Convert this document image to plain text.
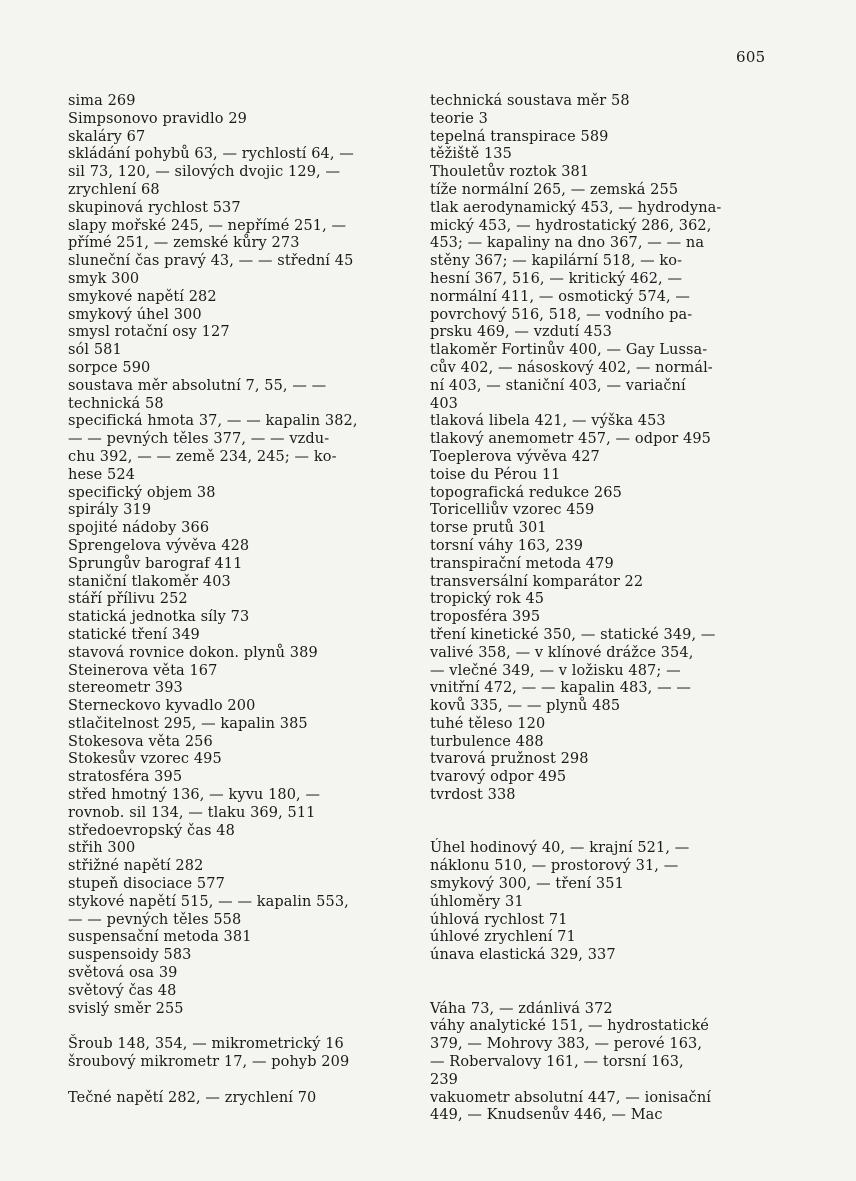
605
sima 269
Simpsonovo pravidlo 29
skaláry 67
skládání pohybů 63, — rychlostí 64, —
sil 73, 120, — silových dvojic 129, —
zrychlení 68
skupinová rychlost 537
slapy mořské 245, — nepřímé 251, —
přímé 251, — zemské kůry 273
sluneční čas pravý 43, — — střední 45
smyk 300
smykové napětí 282
smykový úhel 300
smysl rotační osy 127
sól 581
sorpce 590
soustava měr absolutní 7, 55, — —
technická 58
specifická hmota 37, — — kapalin 382,
— — pevných těles 377, — — vzdu-
chu 392, — — země 234, 245; — ko-
hese 524
specifický objem 38
spirály 319
spojité nádoby 366
Sprengelova vývěva 428
Sprungův barograf 411
staniční tlakoměr 403
stáří přílivu 252
statická jednotka síly 73
statické tření 349
stavová rovnice dokon. plynů 389
Steinerova věta 167
stereometr 393
Sterneckovo kyvadlo 200
stlačitelnost 295, — kapalin 385
Stokesova věta 256
Stokesův vzorec 495
stratosféra 395
střed hmotný 136, — kyvu 180, —
rovnob. sil 134, — tlaku 369, 511
středoevropský čas 48
střih 300
střižné napětí 282
stupeň disociace 577
stykové napětí 515, — — kapalin 553,
— — pevných těles 558
suspensační metoda 381
suspensoidy 583
světová osa 39
světový čas 48
svislý směr 255
Šroub 148, 354, — mikrometrický 16
šroubový mikrometr 17, — pohyb 209
Tečné napětí 282, — zrychlení 70
technická soustava měr 58
teorie 3
tepelná transpirace 589
těžiště 135
Thouletův roztok 381
tíže normální 265, — zemská 255
tlak aerodynamický 453, — hydrodyna-
mický 453, — hydrostatický 286, 362,
453; — kapaliny na dno 367, — — na
stěny 367; — kapilární 518, — ko-
hesní 367, 516, — kritický 462, —
normální 411, — osmotický 574, —
povrchový 516, 518, — vodního pa-
prsku 469, — vzdutí 453
tlakoměr Fortinův 400, — Gay Lussa-
cův 402, — násoskový 402, — normál-
ní 403, — staniční 403, — variační
403
tlaková libela 421, — výška 453
tlakový anemometr 457, — odpor 495
Toeplerova vývěva 427
toise du Pérou 11
topografická redukce 265
Toricelliův vzorec 459
torse prutů 301
torsní váhy 163, 239
transpirační metoda 479
transversální komparátor 22
tropický rok 45
troposféra 395
tření kinetické 350, — statické 349, —
valivé 358, — v klínové drážce 354,
— vlečné 349, — v ložisku 487; —
vnitřní 472, — — kapalin 483, — —
kovů 335, — — plynů 485
tuhé těleso 120
turbulence 488
tvarová pružnost 298
tvarový odpor 495
tvrdost 338
Úhel hodinový 40, — krajní 521, —
náklonu 510, — prostorový 31, —
smykový 300, — tření 351
úhloměry 31
úhlová rychlost 71
úhlové zrychlení 71
únava elastická 329, 337
Váha 73, — zdánlivá 372
váhy analytické 151, — hydrostatické
379, — Mohrovy 383, — perové 163,
— Robervalovy 161, — torsní 163,
239
vakuometr absolutní 447, — ionisační
449, — Knudsenův 446, — Mac
